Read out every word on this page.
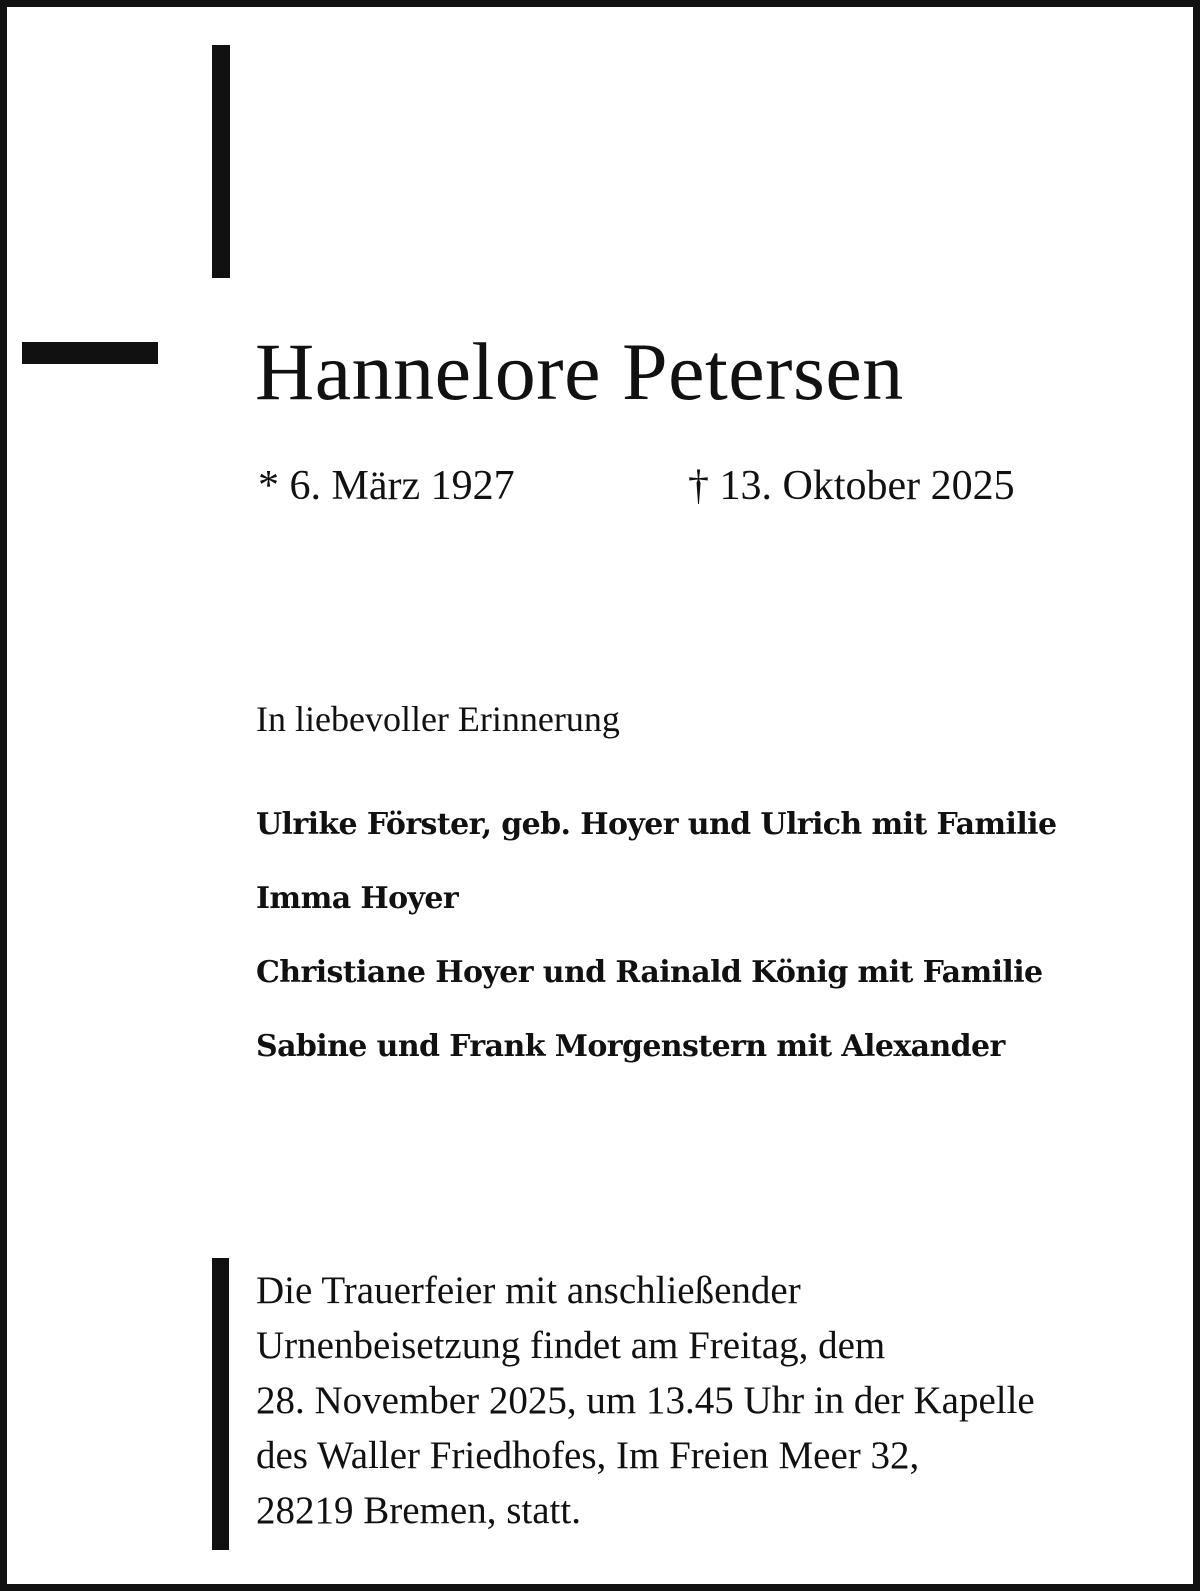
Hannelore Petersen
* 6. März 1927	† 13. Oktober 2025
In liebevoller Erinnerung
Ulrike Förster, geb. Hoyer und Ulrich mit Familie
Imma Hoyer
Christiane Hoyer und Rainald König mit Familie
Sabine und Frank Morgenstern mit Alexander
Die Trauerfeier mit anschließender
Urnenbeisetzung findet am Freitag, dem
28. November 2025, um 13.45 Uhr in der Kapelle
des Waller Friedhofes, Im Freien Meer 32,
28219 Bremen, statt.
